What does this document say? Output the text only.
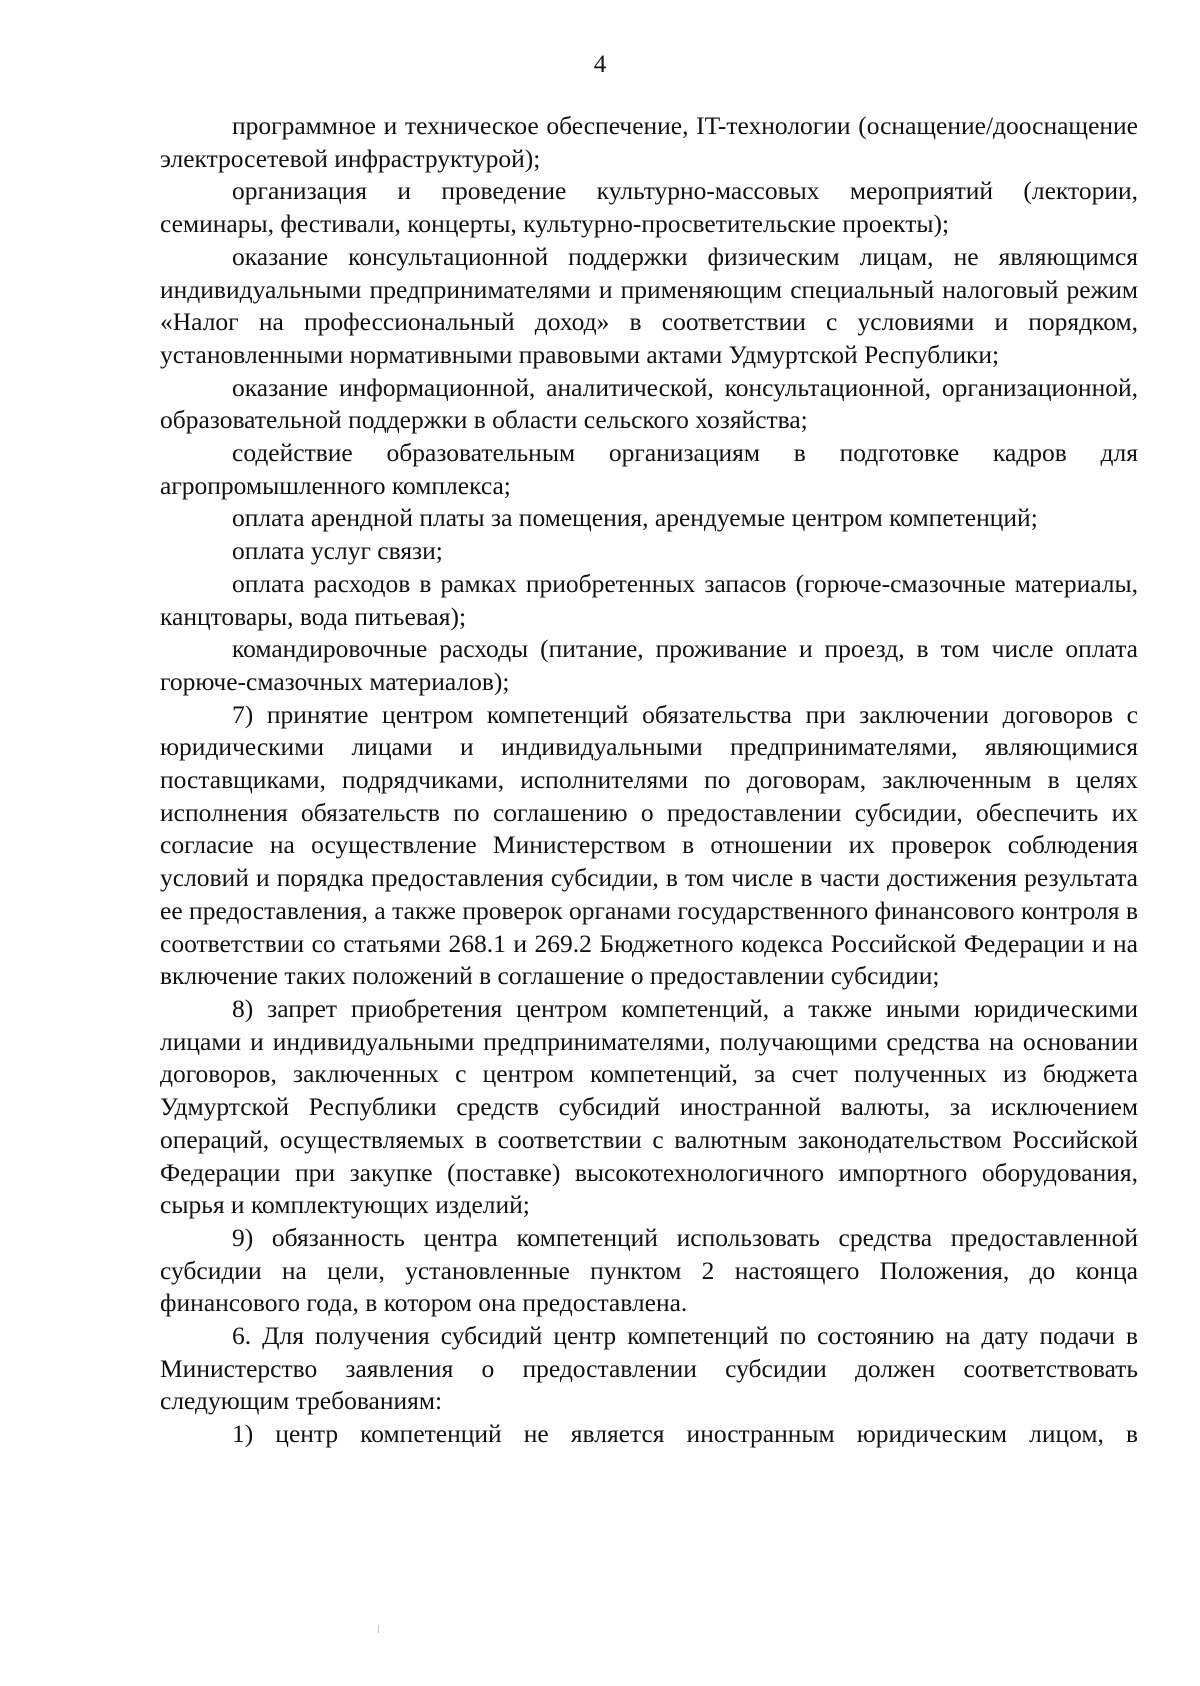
4

программное и техническое обеспечение, IT-технологии (оснащение/дооснащение электросетевой инфраструктурой);

организация и проведение культурно-массовых мероприятий (лектории, семинары, фестивали, концерты, культурно-просветительские проекты);

оказание консультационной поддержки физическим лицам, не являющимся индивидуальными предпринимателями и применяющим специальный налоговый режим «Налог на профессиональный доход» в соответствии с условиями и порядком, установленными нормативными правовыми актами Удмуртской Республики;

оказание информационной, аналитической, консультационной, организационной, образовательной поддержки в области сельского хозяйства;

содействие образовательным организациям в подготовке кадров для агропромышленного комплекса;

оплата арендной платы за помещения, арендуемые центром компетенций;

оплата услуг связи;

оплата расходов в рамках приобретенных запасов (горюче-смазочные материалы, канцтовары, вода питьевая);

командировочные расходы (питание, проживание и проезд, в том числе оплата горюче-смазочных материалов);

7) принятие центром компетенций обязательства при заключении договоров с юридическими лицами и индивидуальными предпринимателями, являющимися поставщиками, подрядчиками, исполнителями по договорам, заключенным в целях исполнения обязательств по соглашению о предоставлении субсидии, обеспечить их согласие на осуществление Министерством в отношении их проверок соблюдения условий и порядка предоставления субсидии, в том числе в части достижения результата ее предоставления, а также проверок органами государственного финансового контроля в соответствии со статьями 268.1 и 269.2 Бюджетного кодекса Российской Федерации и на включение таких положений в соглашение о предоставлении субсидии;

8) запрет приобретения центром компетенций, а также иными юридическими лицами и индивидуальными предпринимателями, получающими средства на основании договоров, заключенных с центром компетенций, за счет полученных из бюджета Удмуртской Республики средств субсидий иностранной валюты, за исключением операций, осуществляемых в соответствии с валютным законодательством Российской Федерации при закупке (поставке) высокотехнологичного импортного оборудования, сырья и комплектующих изделий;

9) обязанность центра компетенций использовать средства предоставленной субсидии на цели, установленные пунктом 2 настоящего Положения, до конца финансового года, в котором она предоставлена.

6. Для получения субсидий центр компетенций по состоянию на дату подачи в Министерство заявления о предоставлении субсидии должен соответствовать следующим требованиям:

1) центр компетенций не является иностранным юридическим лицом, в
